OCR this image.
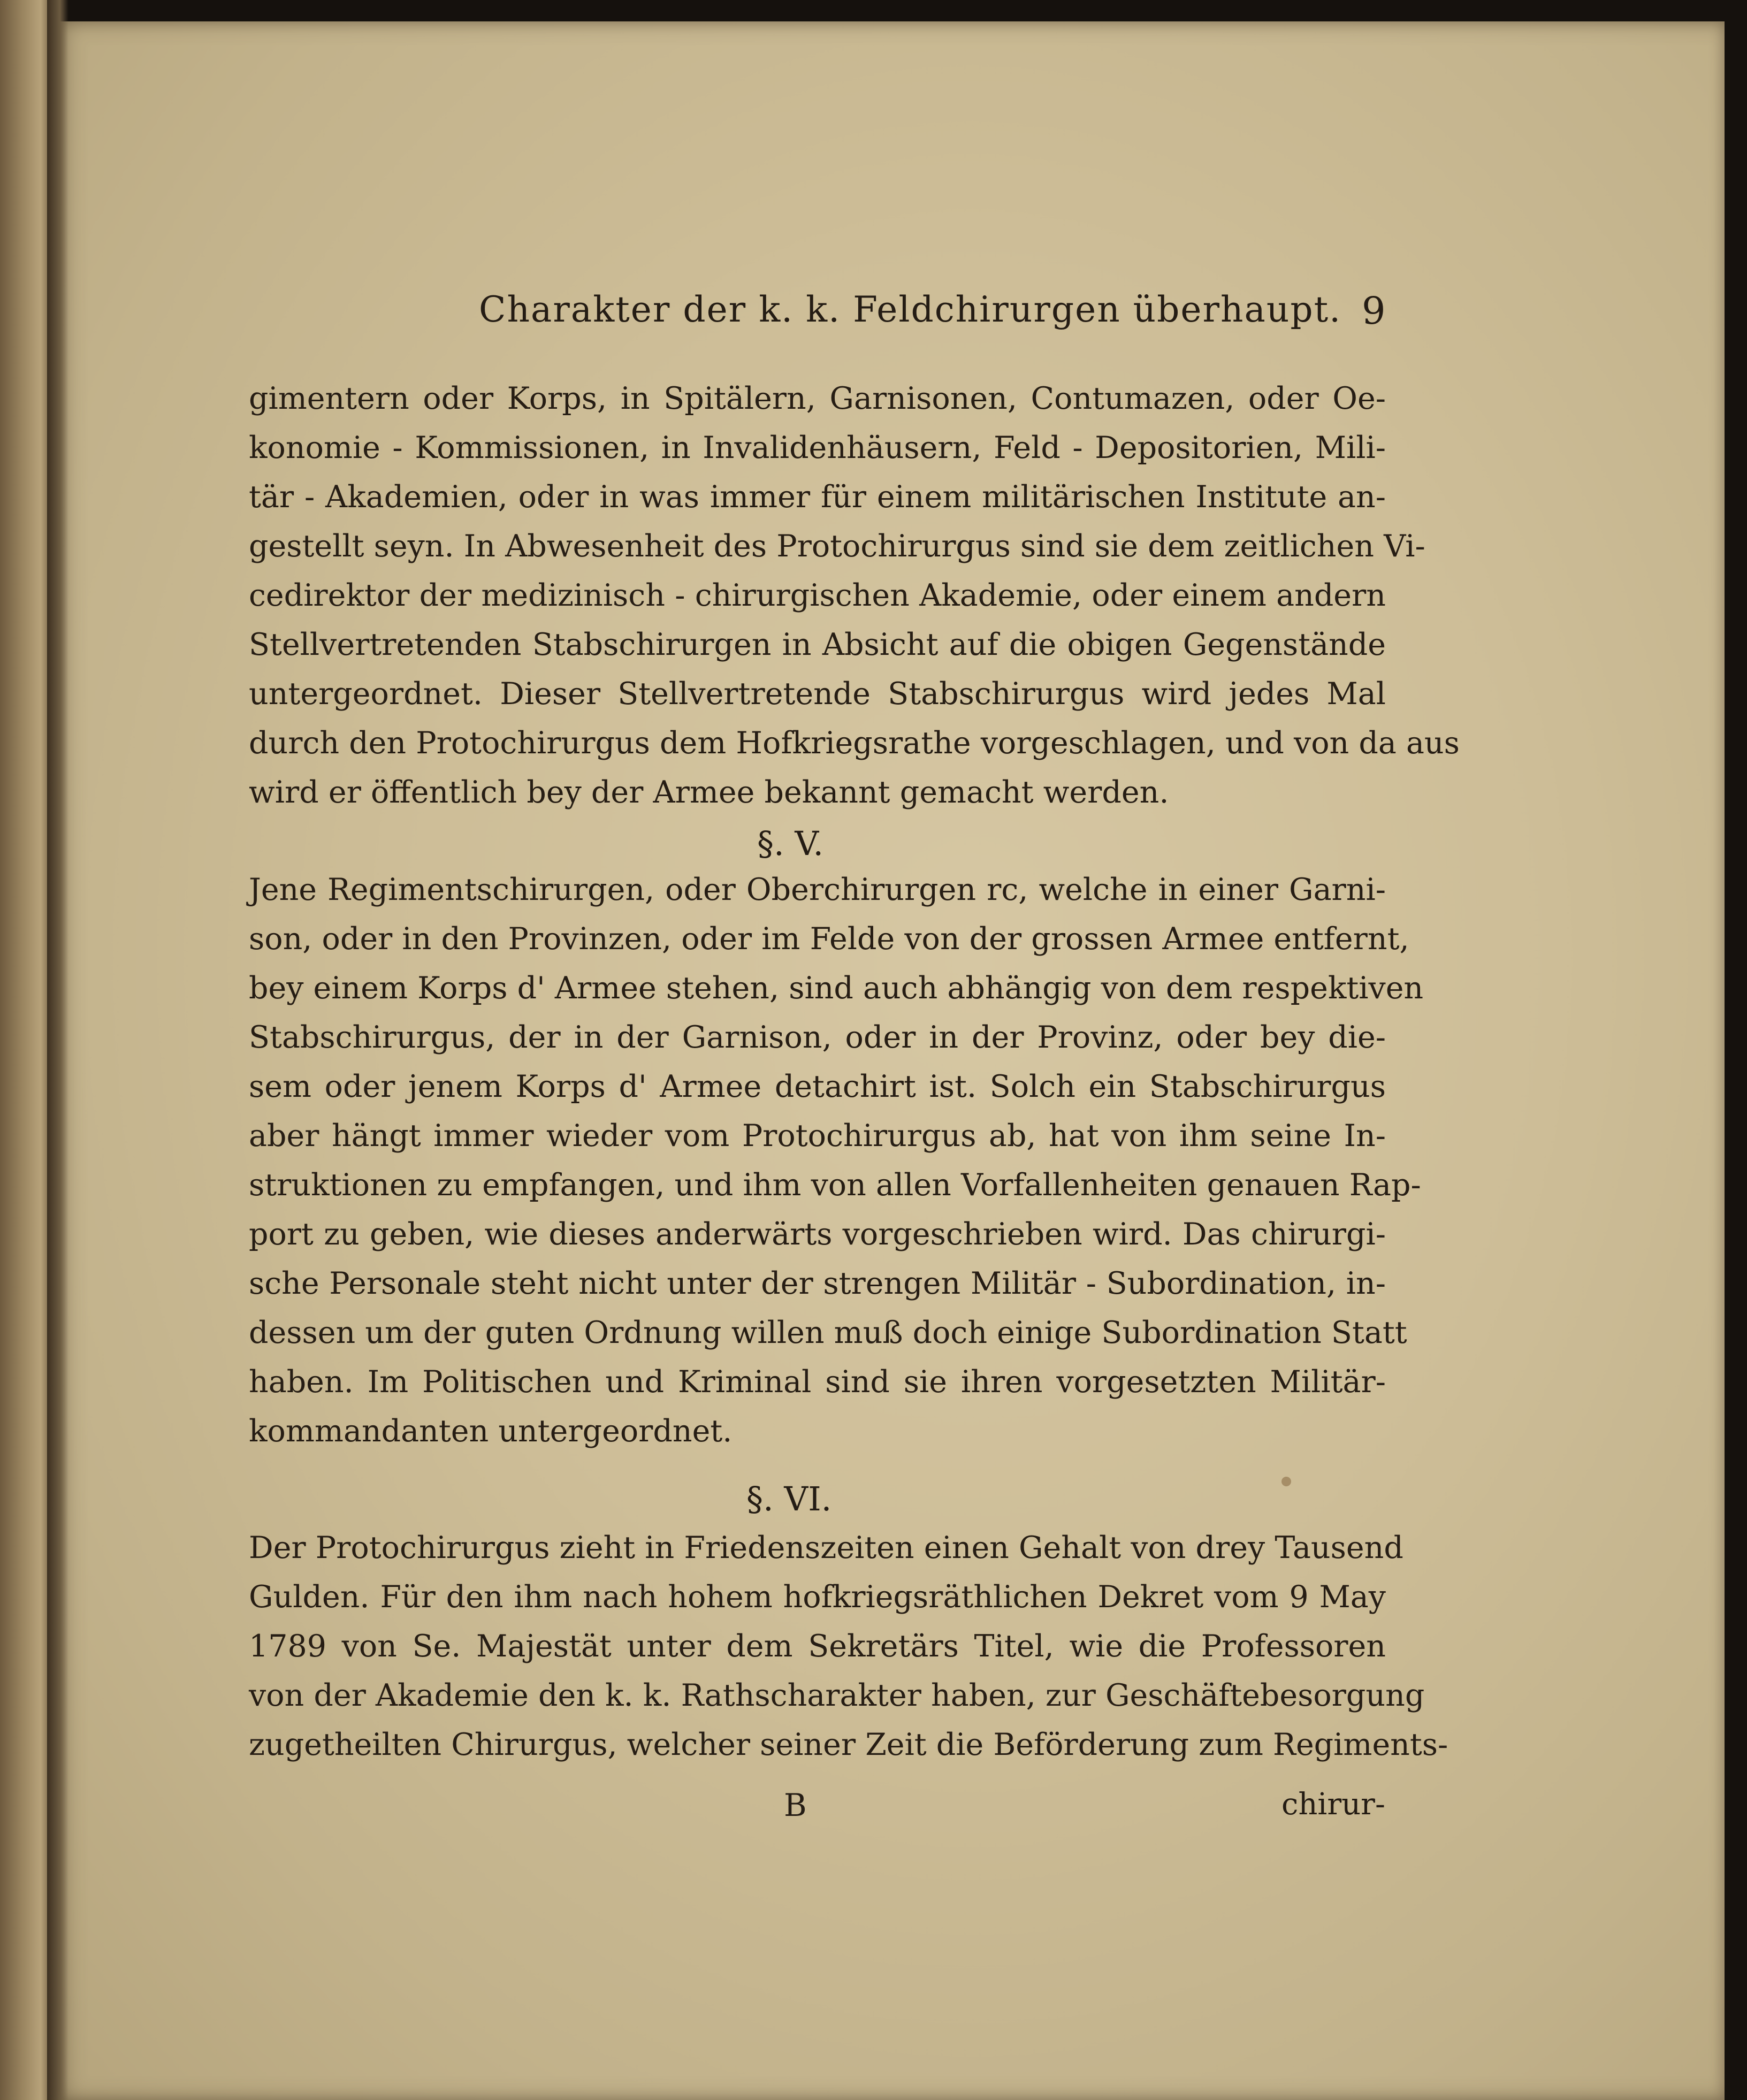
Charakter der k. k. Feldchirurgen überhaupt. 9
gimentern oder Korps, in Spitälern, Garnisonen, Contumazen, oder Oe-
konomie - Kommissionen, in Invalidenhäusern, Feld - Depositorien, Mili-
tär - Akademien, oder in was immer für einem militärischen Institute an-
gestellt seyn. In Abwesenheit des Protochirurgus sind sie dem zeitlichen Vi-
cedirektor der medizinisch - chirurgischen Akademie, oder einem andern
Stellvertretenden Stabschirurgen in Absicht auf die obigen Gegenstände
untergeordnet. Dieser Stellvertretende Stabschirurgus wird jedes Mal
durch den Protochirurgus dem Hofkriegsrathe vorgeschlagen, und von da aus
wird er öffentlich bey der Armee bekannt gemacht werden.
§. V.
Jene Regimentschirurgen, oder Oberchirurgen rc, welche in einer Garni-
son, oder in den Provinzen, oder im Felde von der grossen Armee entfernt,
bey einem Korps d' Armee stehen, sind auch abhängig von dem respektiven
Stabschirurgus, der in der Garnison, oder in der Provinz, oder bey die-
sem oder jenem Korps d' Armee detachirt ist. Solch ein Stabschirurgus
aber hängt immer wieder vom Protochirurgus ab, hat von ihm seine In-
struktionen zu empfangen, und ihm von allen Vorfallenheiten genauen Rap-
port zu geben, wie dieses anderwärts vorgeschrieben wird. Das chirurgi-
sche Personale steht nicht unter der strengen Militär - Subordination, in-
dessen um der guten Ordnung willen muß doch einige Subordination Statt
haben. Im Politischen und Kriminal sind sie ihren vorgesetzten Militär-
kommandanten untergeordnet.
§. VI.
Der Protochirurgus zieht in Friedenszeiten einen Gehalt von drey Tausend
Gulden. Für den ihm nach hohem hofkriegsräthlichen Dekret vom 9 May
1789 von Se. Majestät unter dem Sekretärs Titel, wie die Professoren
von der Akademie den k. k. Rathscharakter haben, zur Geschäftebesorgung
zugetheilten Chirurgus, welcher seiner Zeit die Beförderung zum Regiments-
B	chirur-
